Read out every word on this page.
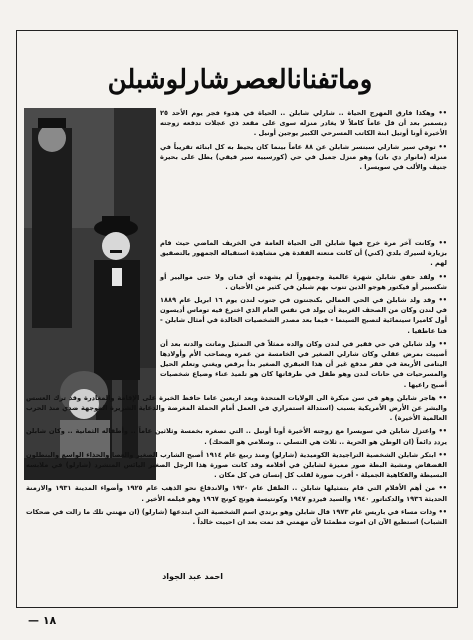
وماتفنانالعصرشارلوشبلن

•• وهكذا فارق المهرج الحياة .. شارلي شابلن .. الحياة في هدوء فجر يوم الأحد ٢٥ ديسمبر بعد أن قل عاماً كاملاً لا يغادر منزله سوى على مقعد ذي عجلات تدفعه زوجته الأخيرة أونا أوتيل ابنة الكاتب المسرحي الكبير يوجين أونيل .

•• توفي سير شارلي سبنسر شابلن عن ٨٨ عاماً بينما كان يحيط به كل ابنائه تقريباً في منزله (مانوار دي بان) وهو منزل جميل في حي (كورسييه سير فيفي) يطل على بحيرة جنيف والألب في سويسرا .

•• وكانت آخر مرة خرج فيها شابلن الى الحياة العامة في الخريف الماضي حيث قام بزيارة لسيرك بلدي (كني) أن كانت متعته الفقدة هي مشاهدة استقباله الجمهور بالتصفيق لهم .

•• ولقد حقق شابلن شهرة عالمية وجمهوراً لم يشهده أي فنان ولا حتى مواليير أو شكسبير أو فيكتور هوجو الذين تنوب بهم شبلن في كثير من الأحيان .

•• وقد ولد شابلن في الحي العمالي بكنجنتون في جنوب لندن يوم ١٦ ابريل عام ١٨٨٩ في لندن وكان من الصحف الغربية أن يولد في نفس العام الذي اخترع فيه توماس أديسون أول كاميرا سينمائية لتصبح السينما - فيما بعد مصدر الشخصيات الخالدة في أمثال شابلن - فنا عاطفيا .

•• ولد شابلن في حي فقير في لندن وكان والده ممثلاً في التمثيل وماتت والدته بعد أن أصيبت بمرض عقلي وكان شارلي الصغير في الخامسة من عمره ويصاحب الأم وأولادها اليتامى الأربعة في فقر مدقع غير أن هذا العبقري الصغير بدأ يرقص ويغني وتعلم الحيل والمسرحيات في حانات لندن وهو طفل في طرقاتها كان هو تلميذ عناء وضياع شخصيات أصبح راعيها .

•• هاجر شابلن وهو في سن مبكرة الى الولايات المتحدة وبعد اربعين عاما حافظ الخبرة على الإقامة والمغادرة وقد ترك العسس والبشر عن الأرض الأمريكية بسبب (استدالة استمراري في العمل أمام الحملة المغرضة والدعاية الشريرة الموجهة ضدي منذ الحرب العالمية الأخيرة) .

•• واعتزل شابلن في سويسرا مع زوجته الأخيرة أونا أونيل .. التي تصغره بخمسة وثلاثين عاماً .. وأطفاله الثمانية .. وكان شابلن يردد دائماً (ان الوطن هو الحرية .. ثلاث هي التسلي .. وسلامي هو الضحك) .

•• ابتكر شابلن الشخصية التراجيدية الكوميدية (شارلو) ومنذ ربيع عام ١٩١٤ أصبح الشارب الصغير والعصا والحذاء الواسع والبنطلون الفضفاض ومشية البطة صور مميزة لشابلن في أفلامه وقد كانت صورة هذا الرجل الصغير اليائس المتشرد (شارلو) في ملابسه البسيطة والفكاهية الجميلة - أقرب صورة لقلب كل إنسان في كل مكان .

•• من أهم الأفلام التي قام بتمثيلها شابلن .. الطفل عام ١٩٢٠ والاندفاع نحو الذهب عام ١٩٢٥ وأضواء المدينة ١٩٣١ والازمنة الحديثة ١٩٣٦ والدكتاتور ١٩٤٠ والسيد فيردو ١٩٤٧ وكونتيسة هونج كونج ١٩٦٧ وهو فيلمه الأخير .

•• وذات مساء في باريس عام ١٩٧٣ قال شابلن وهو يرتدي اسم الشخصية التي ابتدعها (شارلو) (ان مهنتي تلك ما زالت في ضحكات الشباب) استطيع الآن ان اموت مطمئنا لأن مهمتي قد تمت بعد ان احييت خالداً .

احمد عبد الجواد
١٨ —
